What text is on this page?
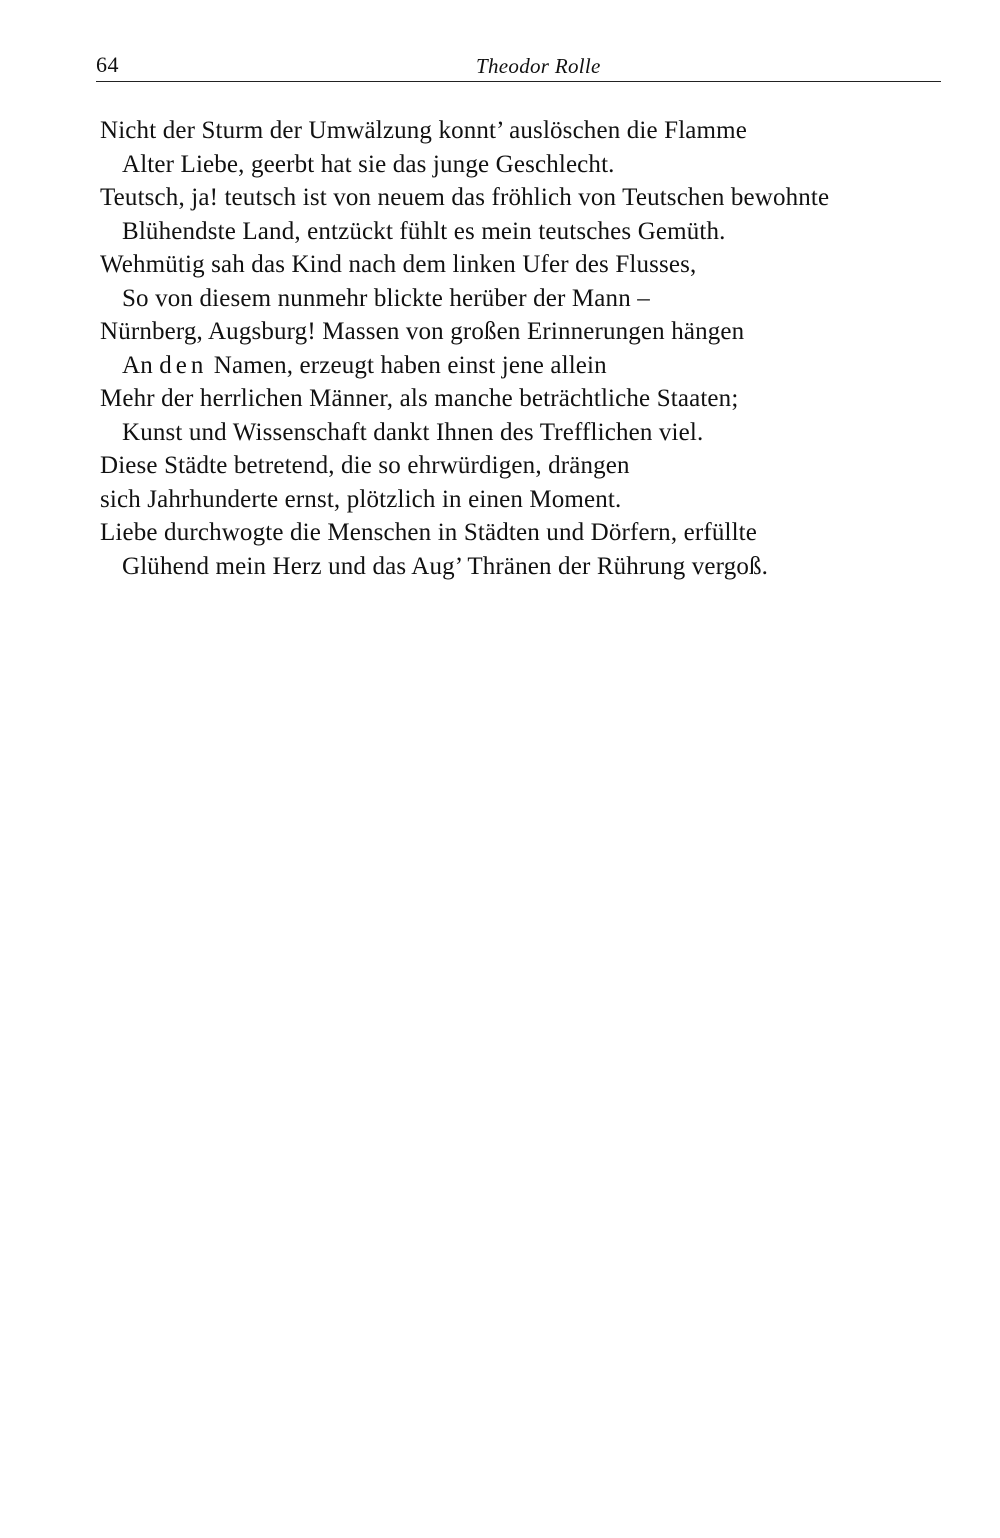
64	Theodor Rolle
Nicht der Sturm der Umwälzung konnt’ auslöschen die Flamme
Alter Liebe, geerbt hat sie das junge Geschlecht.
Teutsch, ja! teutsch ist von neuem das fröhlich von Teutschen bewohnte
Blühendste Land, entzückt fühlt es mein teutsches Gemüth.
Wehmütig sah das Kind nach dem linken Ufer des Flusses,
So von diesem nunmehr blickte herüber der Mann –
Nürnberg, Augsburg! Massen von großen Erinnerungen hängen
An den Namen, erzeugt haben einst jene allein
Mehr der herrlichen Männer, als manche beträchtliche Staaten;
Kunst und Wissenschaft dankt Ihnen des Trefflichen viel.
Diese Städte betretend, die so ehrwürdigen, drängen
sich Jahrhunderte ernst, plötzlich in einen Moment.
Liebe durchwogte die Menschen in Städten und Dörfern, erfüllte
Glühend mein Herz und das Aug’ Thränen der Rührung vergoß.
